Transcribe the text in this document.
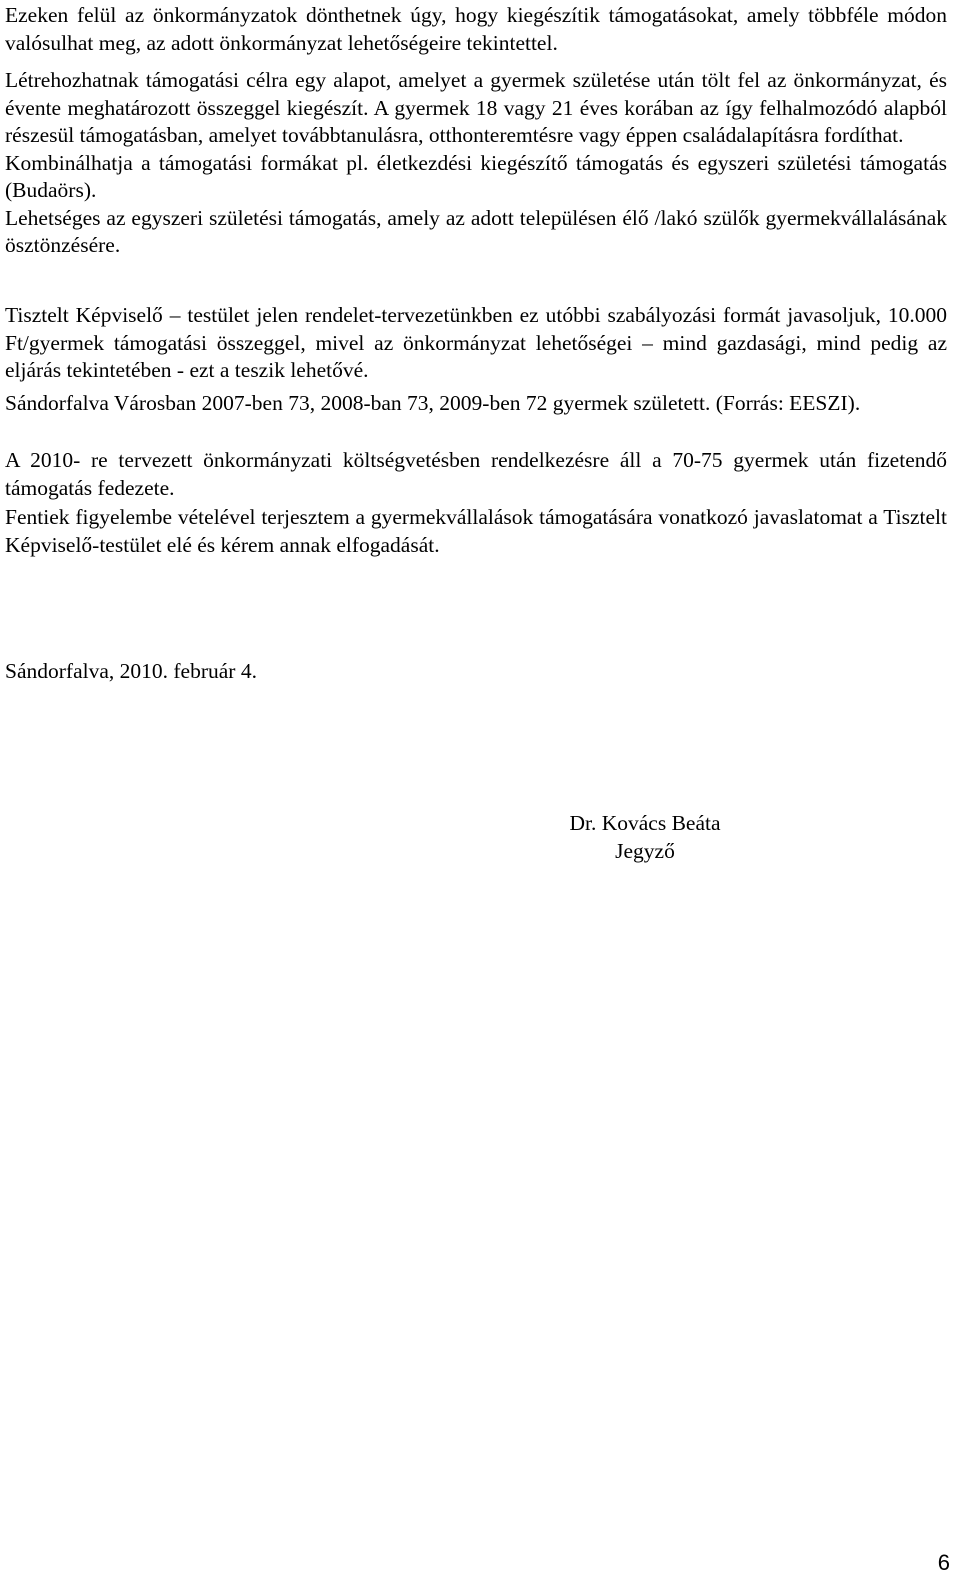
Ezeken felül az önkormányzatok dönthetnek úgy, hogy kiegészítik támogatásokat, amely többféle módon valósulhat meg, az adott önkormányzat lehetőségeire tekintettel.

Létrehozhatnak támogatási célra egy alapot, amelyet a gyermek születése után tölt fel az önkormányzat, és évente meghatározott összeggel kiegészít. A gyermek 18 vagy 21 éves korában az így felhalmozódó alapból részesül támogatásban, amelyet továbbtanulásra, otthonteremtésre vagy éppen családalapításra fordíthat.
Kombinálhatja a támogatási formákat pl. életkezdési kiegészítő támogatás és egyszeri születési támogatás (Budaörs).
Lehetséges az egyszeri születési támogatás, amely az adott településen élő /lakó szülők gyermekvállalásának ösztönzésére.

Tisztelt Képviselő – testület jelen rendelet-tervezetünkben ez utóbbi szabályozási formát javasoljuk, 10.000 Ft/gyermek támogatási összeggel, mivel az önkormányzat lehetőségei – mind gazdasági, mind pedig az eljárás tekintetében - ezt a teszik lehetővé.

Sándorfalva Városban 2007-ben 73, 2008-ban 73, 2009-ben 72 gyermek született. (Forrás: EESZI).

A 2010- re tervezett önkormányzati költségvetésben rendelkezésre áll a 70-75 gyermek után fizetendő támogatás fedezete.

Fentiek figyelembe vételével terjesztem a gyermekvállalások támogatására vonatkozó javaslatomat a Tisztelt Képviselő-testület elé és kérem annak elfogadását.

Sándorfalva, 2010. február 4.

Dr. Kovács Beáta
Jegyző
6
